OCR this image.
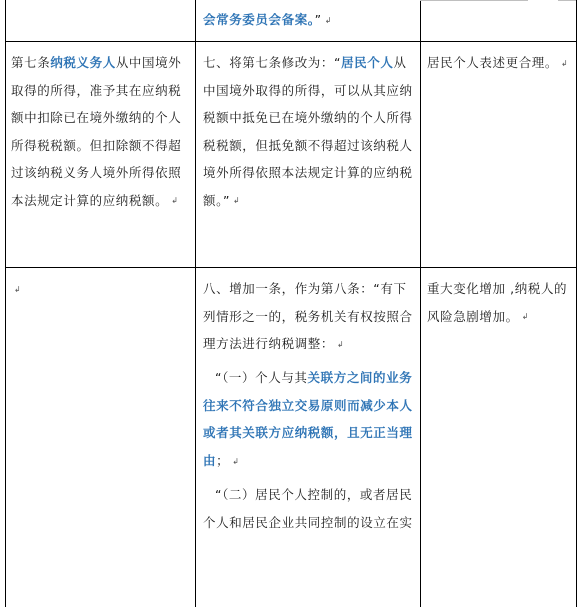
会常务委员会备案。” ↲

第七条纳税义务人从中国境外取得的所得，准予其在应纳税额中扣除已在境外缴纳的个人所得税税额。但扣除额不得超过该纳税义务人境外所得依照本法规定计算的应纳税额。 ↲

七、将第七条修改为：“居民个人从中国境外取得的所得，可以从其应纳税额中抵免已在境外缴纳的个人所得税税额，但抵免额不得超过该纳税人境外所得依照本法规定计算的应纳税额。” ↲

居民个人表述更合理。 ↲

↲	八、增加一条，作为第八条：“有下列情形之一的，税务机关有权按照合理方法进行纳税调整： ↲

“（一）个人与其关联方之间的业务往来不符合独立交易原则而减少本人或者其关联方应纳税额，且无正当理由； ↲

“（二）居民个人控制的，或者居民个人和居民企业共同控制的设立在实

重大变化增加 ,纳税人的风险急剧增加。 ↲
